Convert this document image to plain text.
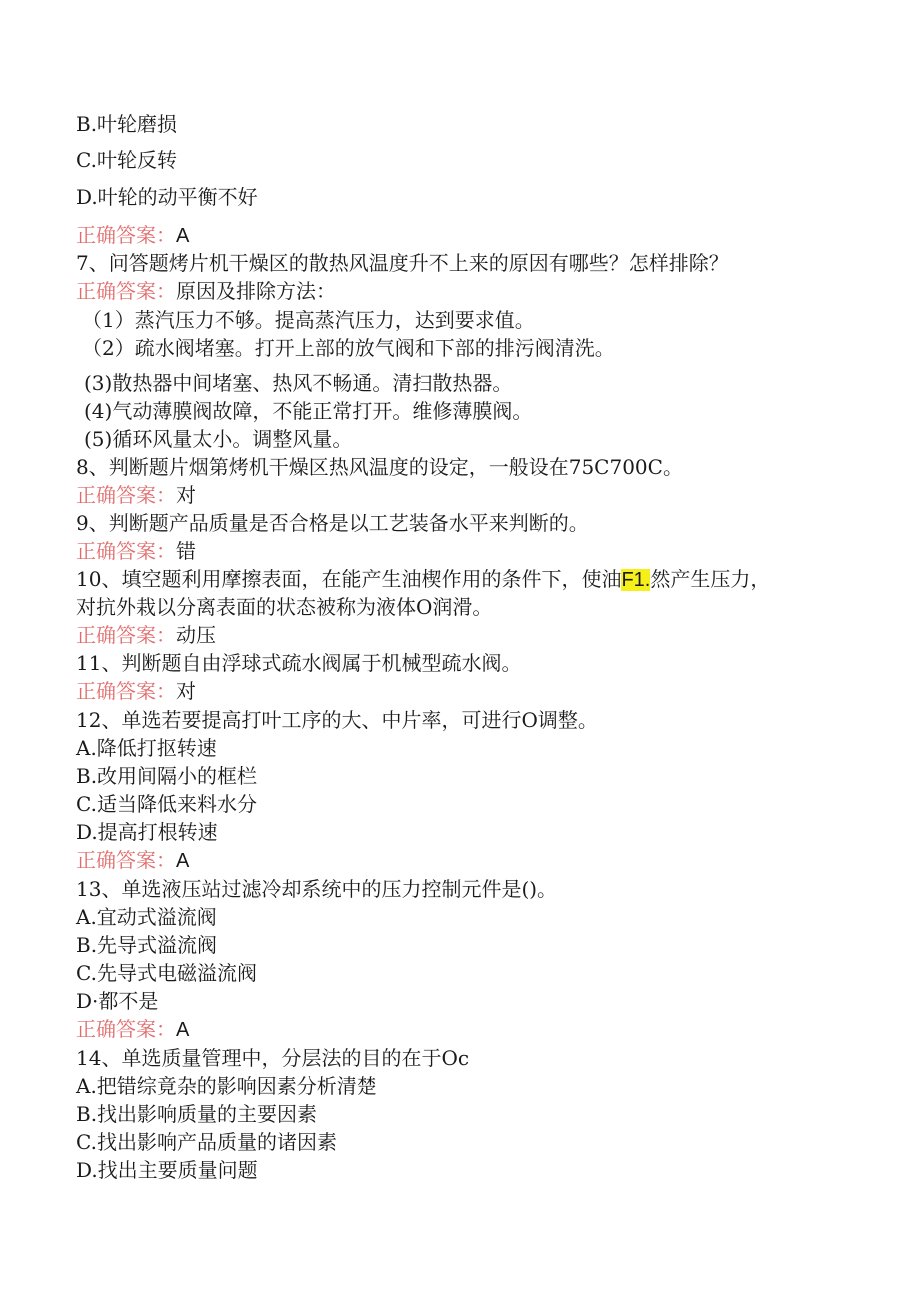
B.叶轮磨损
C.叶轮反转
D.叶轮的动平衡不好
正确答案：A
7、问答题烤片机干燥区的散热风温度升不上来的原因有哪些？怎样排除？
正确答案：原因及排除方法：
（1）蒸汽压力不够。提高蒸汽压力，达到要求值。
（2）疏水阀堵塞。打开上部的放气阀和下部的排污阀清洗。
(3)散热器中间堵塞、热风不畅通。清扫散热器。
(4)气动薄膜阀故障，不能正常打开。维修薄膜阀。
(5)循环风量太小。调整风量。
8、判断题片烟第烤机干燥区热风温度的设定，一般设在75C700C。
正确答案：对
9、判断题产品质量是否合格是以工艺装备水平来判断的。
正确答案：错
10、填空题利用摩擦表面，在能产生油楔作用的条件下，使油F1.然产生压力，
对抗外栽以分离表面的状态被称为液体O润滑。
正确答案：动压
11、判断题自由浮球式疏水阀属于机械型疏水阀。
正确答案：对
12、单选若要提高打叶工序的大、中片率，可进行O调整。
A.降低打抠转速
B.改用间隔小的框栏
C.适当降低来料水分
D.提高打根转速
正确答案：A
13、单选液压站过滤冷却系统中的压力控制元件是()。
A.宜动式溢流阀
B.先导式溢流阀
C.先导式电磁溢流阀
D·都不是
正确答案：A
14、单选质量管理中，分层法的目的在于Oc
A.把错综竟杂的影响因素分析清楚
B.找出影响质量的主要因素
C.找出影响产品质量的诸因素
D.找出主要质量问题
